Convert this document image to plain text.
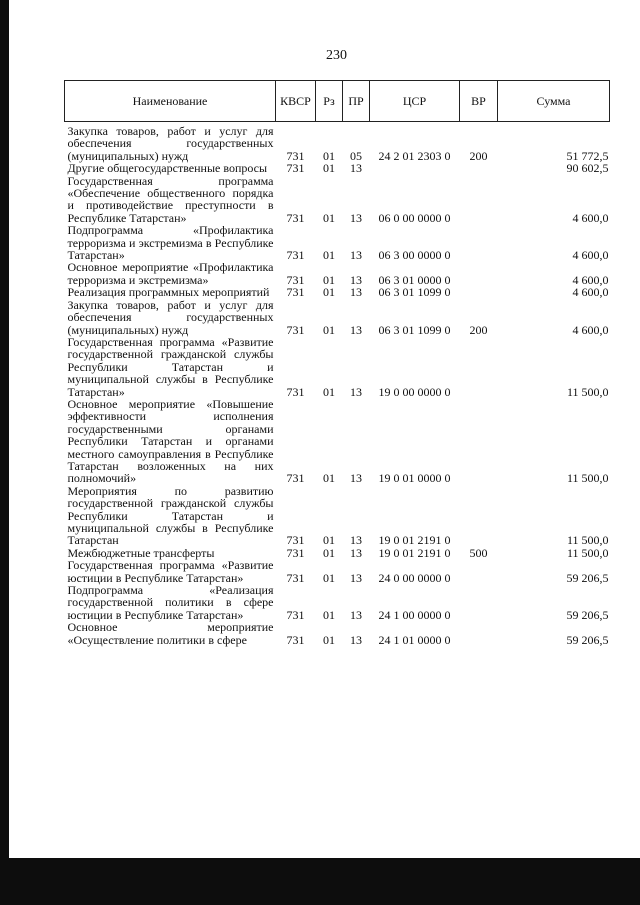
230
Наименование	КВСР	Рз	ПР	ЦСР	ВР	Сумма
Закупка товаров, работ и услуг для обеспечения государственных (муниципальных) нужд	731	01	05	24 2 01 2303 0	200	51 772,5
Другие общегосударственные вопросы	731	01	13			90 602,5
Государственная программа «Обеспечение общественного порядка и противодействие преступности в Республике Татарстан»	731	01	13	06 0 00 0000 0		4 600,0
Подпрограмма «Профилактика терроризма и экстремизма в Республике Татарстан»	731	01	13	06 3 00 0000 0		4 600,0
Основное мероприятие «Профилактика терроризма и экстремизма»	731	01	13	06 3 01 0000 0		4 600,0
Реализация программных мероприятий	731	01	13	06 3 01 1099 0		4 600,0
Закупка товаров, работ и услуг для обеспечения государственных (муниципальных) нужд	731	01	13	06 3 01 1099 0	200	4 600,0
Государственная программа «Развитие государственной гражданской службы Республики Татарстан и муниципальной службы в Республике Татарстан»	731	01	13	19 0 00 0000 0		11 500,0
Основное мероприятие «Повышение эффективности исполнения государственными органами Республики Татарстан и органами местного самоуправления в Республике Татарстан возложенных на них полномочий»	731	01	13	19 0 01 0000 0		11 500,0
Мероприятия по развитию государственной гражданской службы Республики Татарстан и муниципальной службы в Республике Татарстан	731	01	13	19 0 01 2191 0		11 500,0
Межбюджетные трансферты	731	01	13	19 0 01 2191 0	500	11 500,0
Государственная программа «Развитие юстиции в Республике Татарстан»	731	01	13	24 0 00 0000 0		59 206,5
Подпрограмма «Реализация государственной политики в сфере юстиции в Республике Татарстан»	731	01	13	24 1 00 0000 0		59 206,5
Основное мероприятие «Осуществление политики в сфере	731	01	13	24 1 01 0000 0		59 206,5
